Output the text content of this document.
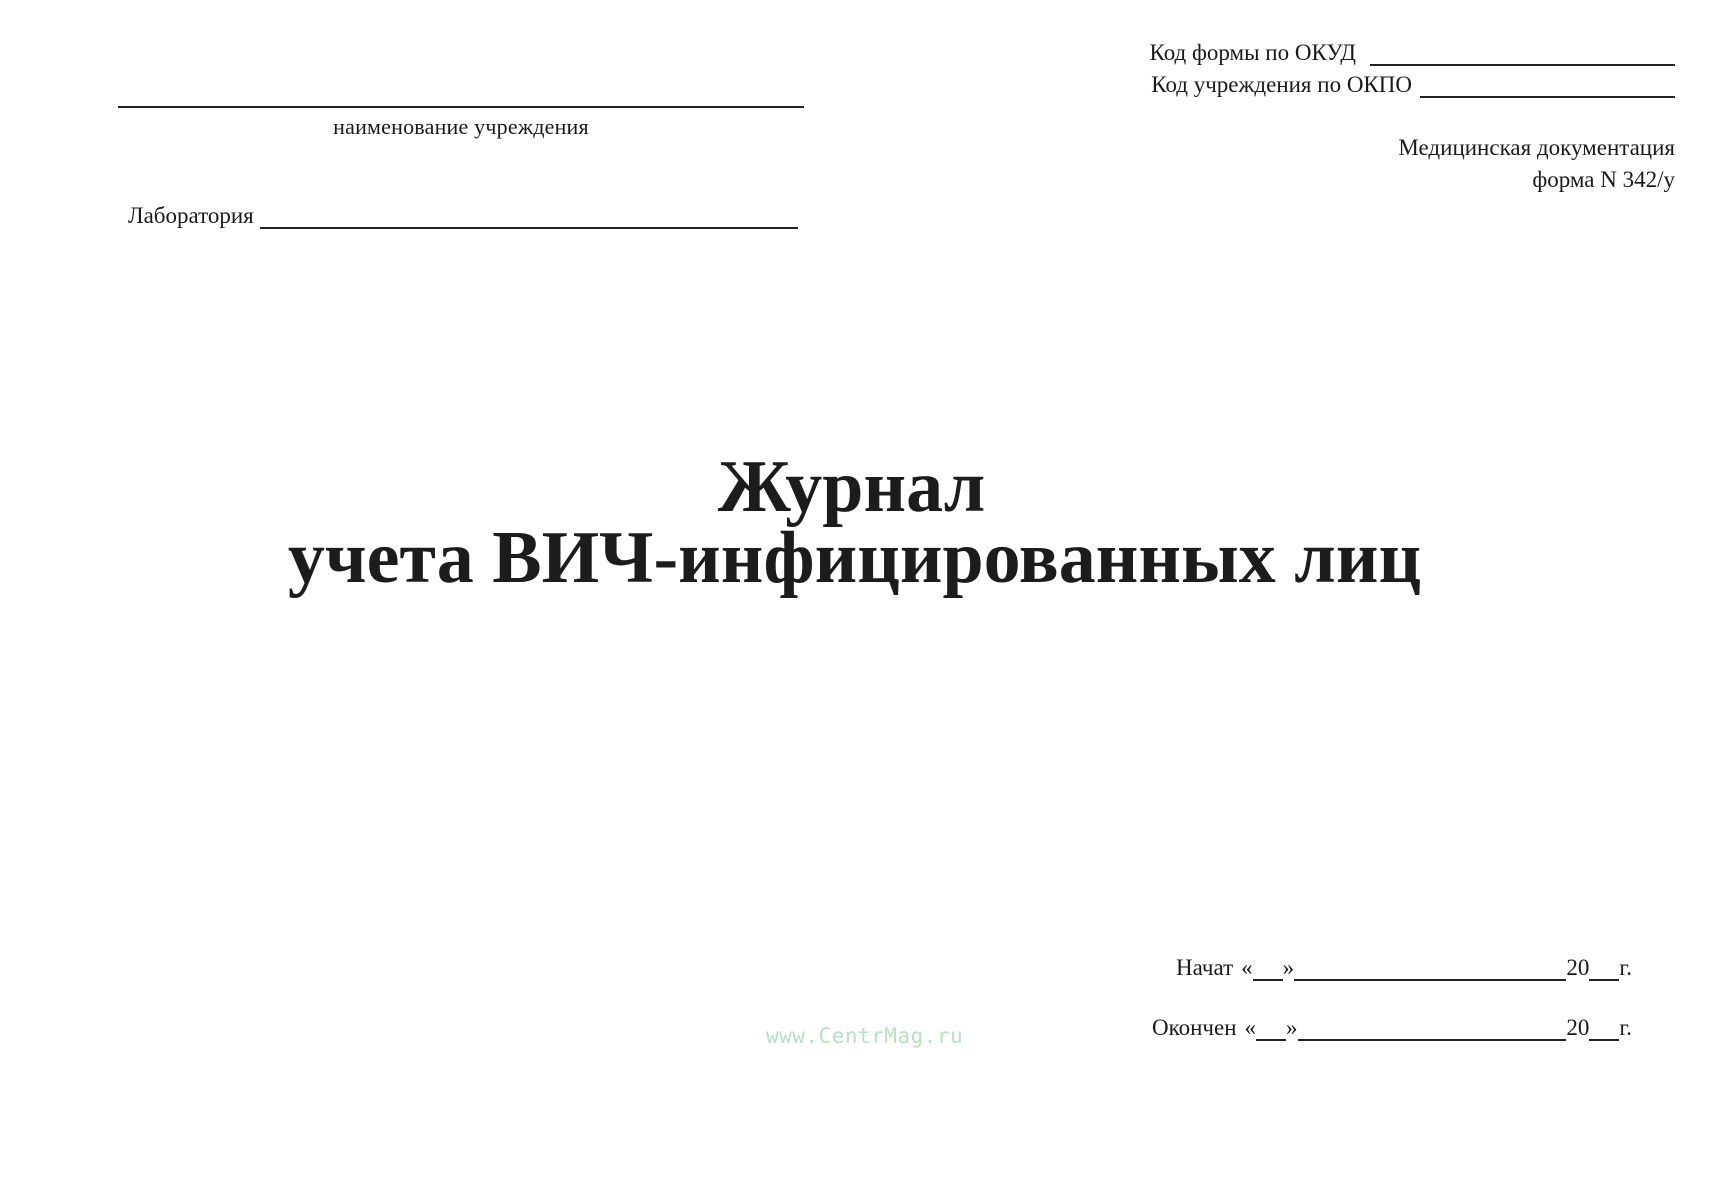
наименование учреждения
Лаборатория
Код формы по ОКУД
Код учреждения по ОКПО
Медицинская документация
форма N 342/у
Журнал
учета ВИЧ-инфицированных лиц
Начат « »	20 г.
Окончен « »	20 г.
www.CentrMag.ru
